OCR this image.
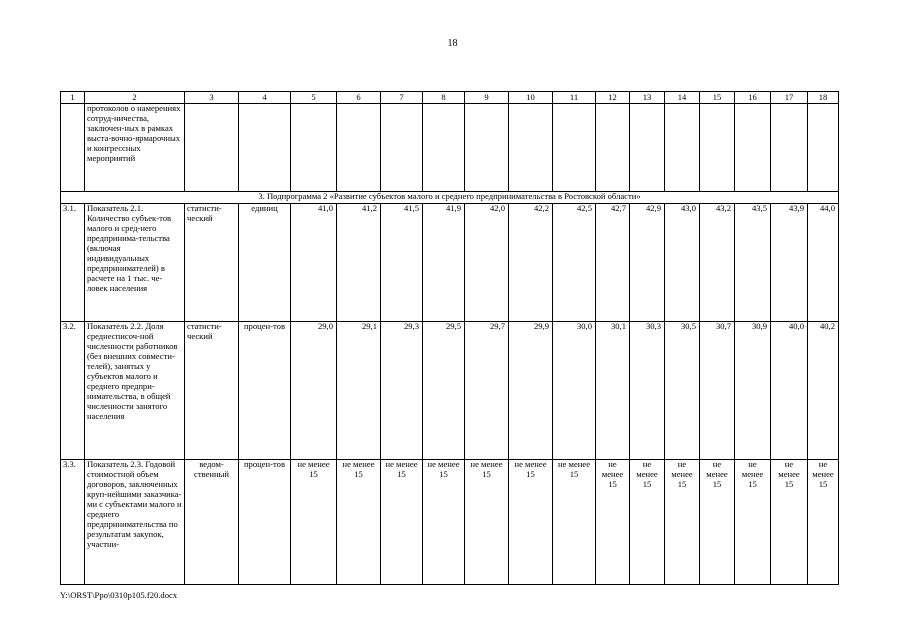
18
1	2	3	4	5	6	7	8	9	10	11	12	13	14	15	16	17	18
	протоколов о намерениях сотруд-ничества, заключен-ных в рамках выста-вочно-ярмарочных и конгрессных мероприятий																
3. Подпрограмма 2 «Развитие субъектов малого и среднего предпринимательства в Ростовской области»																	
3.1.	Показатель 2.1. Количество субъек-тов малого и сред-него предпринима-тельства (включая индивидуальных предпринимателей) в расчете на 1 тыс. че-ловек населения	статисти-ческий	единиц	41,0	41,2	41,5	41,9	42,0	42,2	42,5	42,7	42,9	43,0	43,2	43,5	43,9	44,0
3.2.	Показатель 2.2. Доля среднесписоч-ной численности работников (без внешних совмести-телей), занятых у субъектов малого и среднего предпри-нимательства, в общей численности занятого населения	статисти-ческий	процен-тов	29,0	29,1	29,3	29,5	29,7	29,9	30,0	30,1	30,3	30,5	30,7	30,9	40,0	40,2
3.3.	Показатель 2.3. Годовой стоимостной объем договоров, заключенных круп-нейшими заказчика-ми с субъектами малого и среднего предпринимательства по результатам закупок, участни-	ведом-ственный	процен-тов	не менее 15	не менее 15	не менее 15	не менее 15	не менее 15	не менее 15	не менее 15	не менее 15	не менее 15	не менее 15	не менее 15	не менее 15	не менее 15	не менее 15
Y:\ORST\Ppo\0310p105.f20.docx
